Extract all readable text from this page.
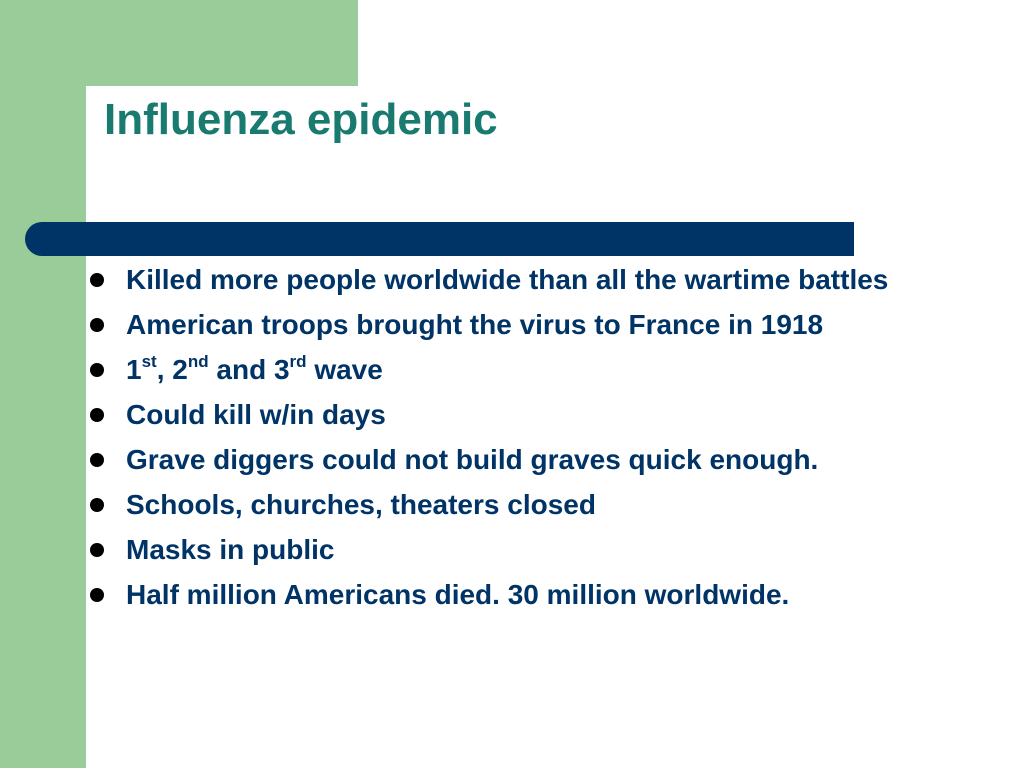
Influenza epidemic
Killed more people worldwide than all the wartime battles
American troops brought the virus to France in 1918
1st, 2nd and 3rd wave
Could kill w/in days
Grave diggers could not build graves quick enough.
Schools, churches, theaters closed
Masks in public
Half million Americans died. 30 million worldwide.
